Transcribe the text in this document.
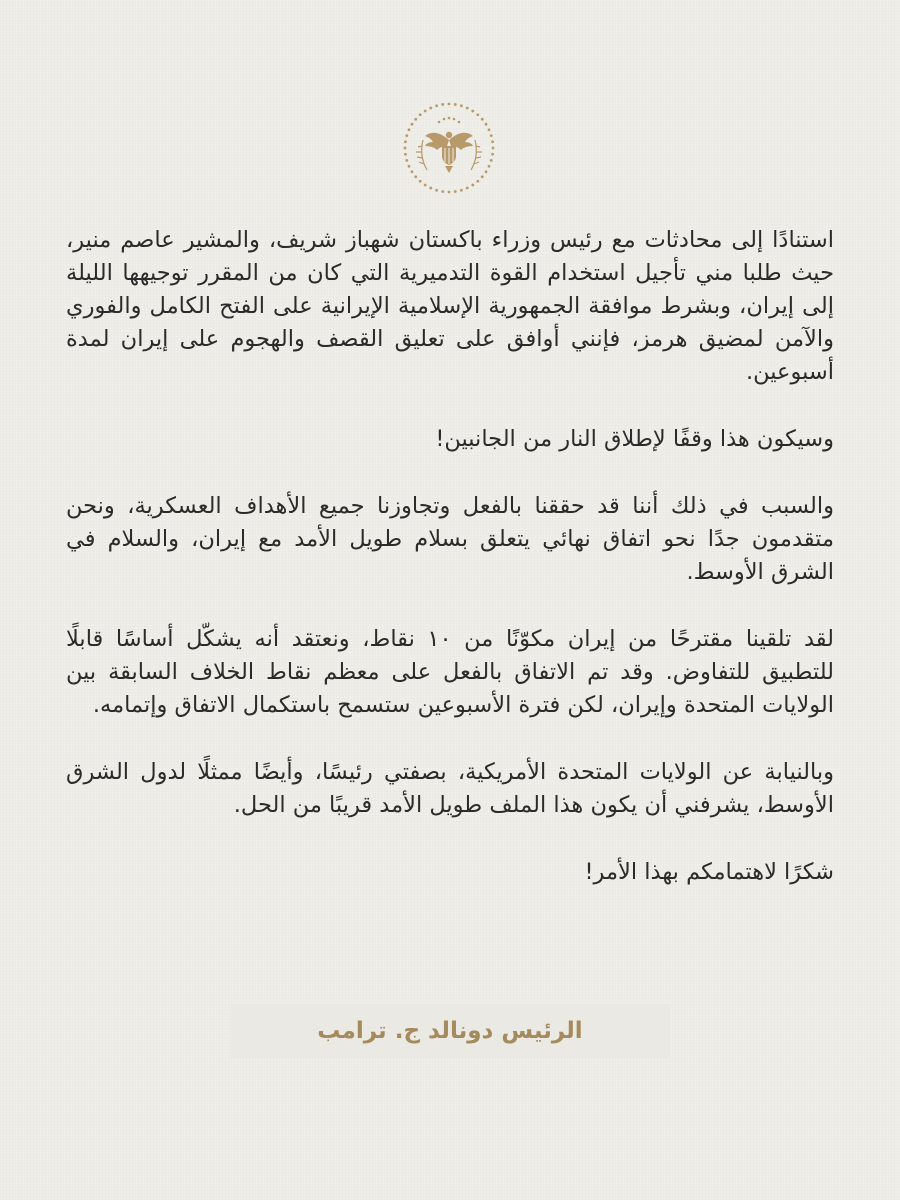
استنادًا إلى محادثات مع رئيس وزراء باكستان شهباز شريف، والمشير عاصم منير، حيث طلبا مني تأجيل استخدام القوة التدميرية التي كان من المقرر توجيهها الليلة إلى إيران، وبشرط موافقة الجمهورية الإسلامية الإيرانية على الفتح الكامل والفوري والآمن لمضيق هرمز، فإنني أوافق على تعليق القصف والهجوم على إيران لمدة أسبوعين.

وسيكون هذا وقفًا لإطلاق النار من الجانبين!

والسبب في ذلك أننا قد حققنا بالفعل وتجاوزنا جميع الأهداف العسكرية، ونحن متقدمون جدًا نحو اتفاق نهائي يتعلق بسلام طويل الأمد مع إيران، والسلام في الشرق الأوسط.

لقد تلقينا مقترحًا من إيران مكوّنًا من ١٠ نقاط، ونعتقد أنه يشكّل أساسًا قابلًا للتطبيق للتفاوض. وقد تم الاتفاق بالفعل على معظم نقاط الخلاف السابقة بين الولايات المتحدة وإيران، لكن فترة الأسبوعين ستسمح باستكمال الاتفاق وإتمامه.

وبالنيابة عن الولايات المتحدة الأمريكية، بصفتي رئيسًا، وأيضًا ممثلًا لدول الشرق الأوسط، يشرفني أن يكون هذا الملف طويل الأمد قريبًا من الحل.

شكرًا لاهتمامكم بهذا الأمر!

الرئيس دونالد ج. ترامب
